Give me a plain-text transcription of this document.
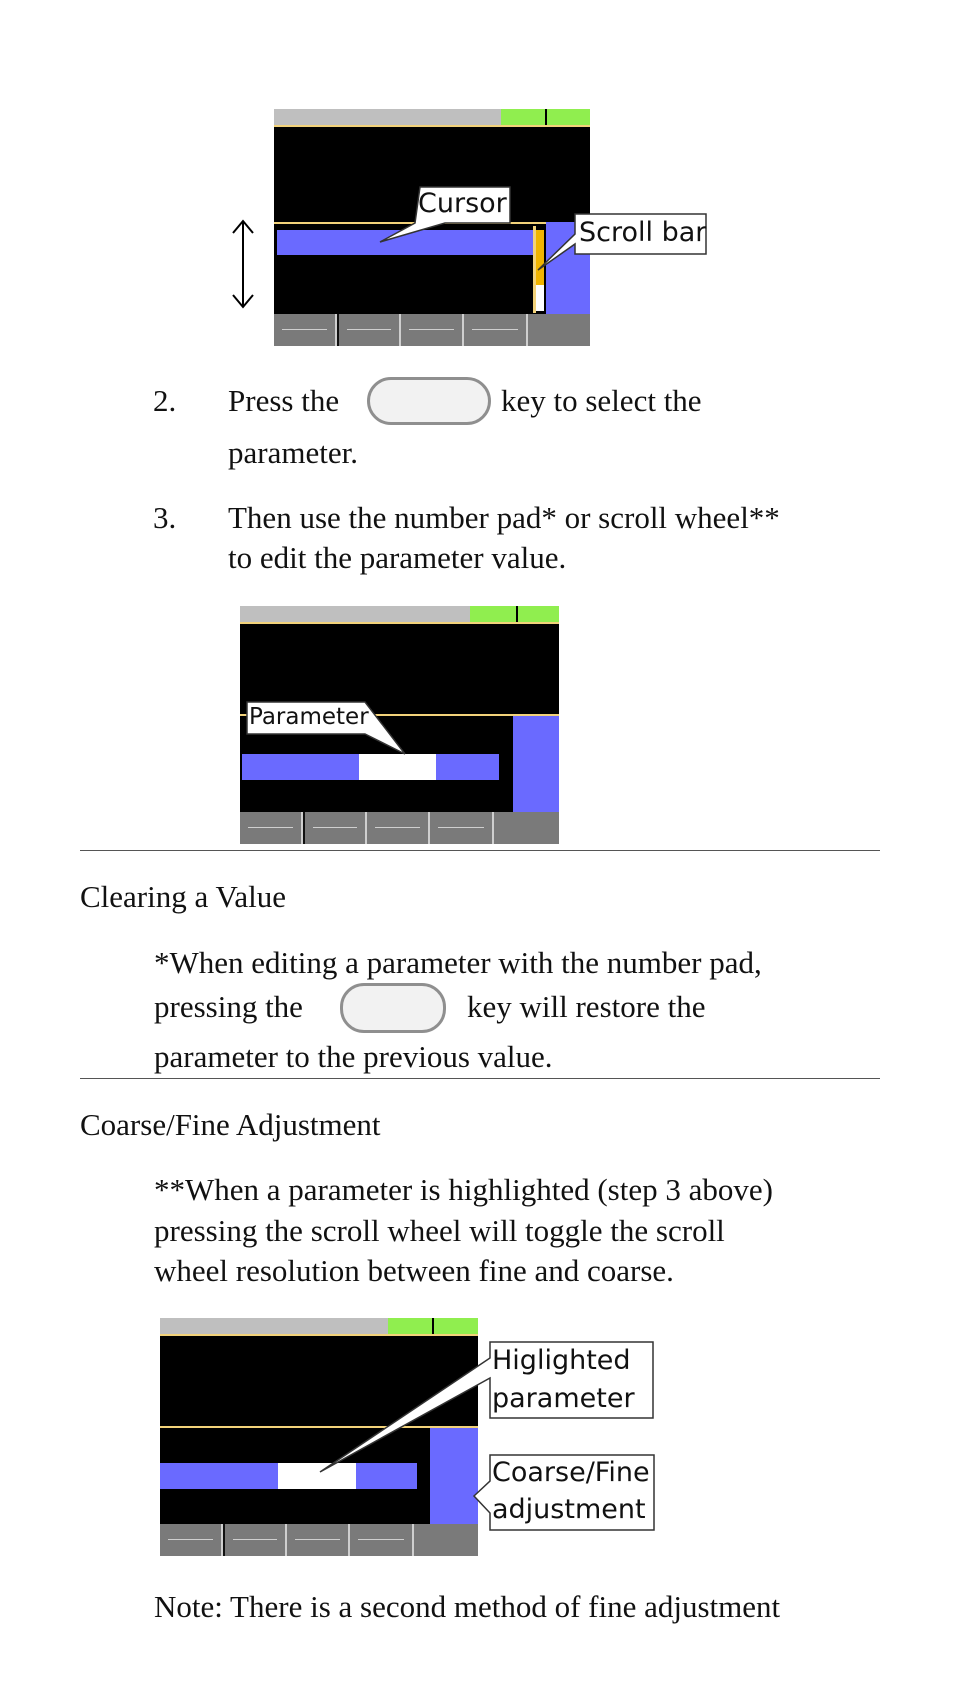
Cursor
Scroll bar
2. Press the	key to select the
parameter.
3. Then use the number pad* or scroll wheel**
to edit the parameter value.
Parameter
Clearing a Value
*When editing a parameter with the number pad,
pressing the	key will restore the
parameter to the previous value.
Coarse/Fine Adjustment
**When a parameter is highlighted (step 3 above)
pressing the scroll wheel will toggle the scroll
wheel resolution between fine and coarse.
Higlighted
parameter
Coarse/Fine
adjustment
Note: There is a second method of fine adjustment
